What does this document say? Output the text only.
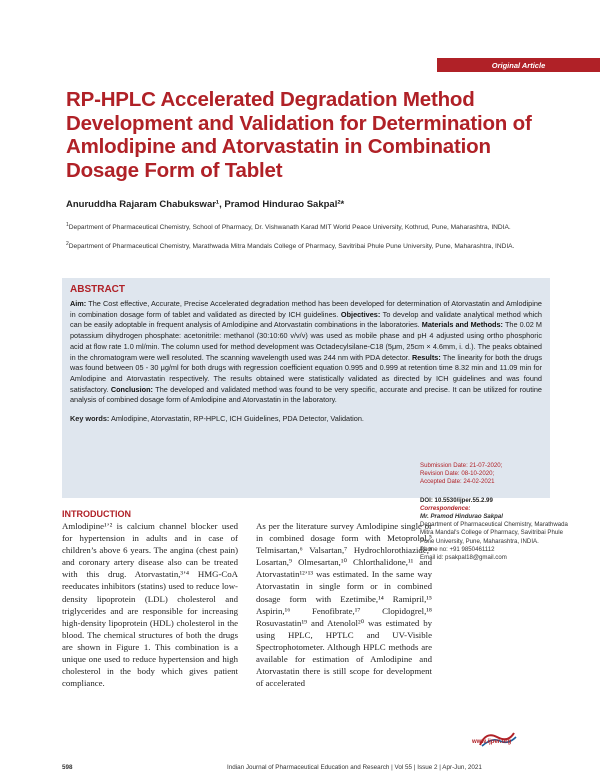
Original Article
RP-HPLC Accelerated Degradation Method Development and Validation for Determination of Amlodipine and Atorvastatin in Combination Dosage Form of Tablet
Anuruddha Rajaram Chabukswar¹, Pramod Hindurao Sakpal²*
$^1$Department of Pharmaceutical Chemistry, School of Pharmacy, Dr. Vishwanath Karad MIT World Peace University, Kothrud, Pune, Maharashtra, INDIA.
$^2$Department of Pharmaceutical Chemistry, Marathwada Mitra Mandals College of Pharmacy, Savitribai Phule Pune University, Pune, Maharashtra, INDIA.
ABSTRACT

Aim: The Cost effective, Accurate, Precise Accelerated degradation method has been developed for determination of Atorvastatin and Amlodipine in combination dosage form of tablet and validated as directed by ICH guidelines. Objectives: To develop and validate analytical method which can be easily adoptable in frequent analysis of Amlodipine and Atorvastatin combinations in the laboratories. Materials and Methods: The 0.02 M potassium dihydrogen phosphate: acetonitrile: methanol (30:10:60 v/v/v) was used as mobile phase and pH 4 adjusted using ortho phosphoric acid at flow rate 1.0 ml/min. The column used for method development was Octadecylsilane-C18 (5μm, 25cm × 4.6mm, i. d.). The peaks obtained in the chromatogram were well resoluted. The scanning wavelength used was 244 nm with PDA detector. Results: The linearity for both the drugs was found between 05 - 30 μg/ml for both drugs with regression coefficient equation 0.995 and 0.999 at retention time 8.32 min and 11.09 min for Amlodipine and Atorvastatin respectively. The results obtained were statistically validated as directed by ICH guidelines and was found satisfactory. Conclusion: The developed and validated method was found to be very specific, accurate and precise. It can be utilized for routine analysis of combined dosage form of Amlodipine and Atorvastatin in the laboratory.

Key words: Amlodipine, Atorvastatin, RP-HPLC, ICH Guidelines, PDA Detector, Validation.

Submission Date: 21-07-2020;
Revision Date: 08-10-2020;
Accepted Date: 24-02-2021
DOI: 10.5530/ijper.55.2.99
Correspondence:
Mr. Pramod Hindurao Sakpal
Department of Pharmaceutical Chemistry, Marathwada Mitra Mandal's College of Pharmacy, Savitribai Phule Pune University, Pune, Maharashtra, INDIA.
Phone no: +91 9850461112
Email id: psakpal18@gmail.com
www.ijper.org
INTRODUCTION

Amlodipine¹ʼ² is calcium channel blocker used for hypertension in adults and in case of children’s above 6 years. The angina (chest pain) and coronary artery disease also can be treated with this drug. Atorvastatin,³ʼ⁴ HMG-CoA reeducates inhibitors (statins) used to reduce low-density lipoprotein (LDL) cholesterol and triglycerides and are responsible for increasing high-density lipoprotein (HDL) cholesterol in the blood. The chemical structures of both the drugs are shown in Figure 1. This combination is a unique one used to reduce hypertension and high cholesterol in the body which gives patient compliance.

As per the literature survey Amlodipine single or in combined dosage form with Metoprolol,⁵ Telmisartan,⁶ Valsartan,⁷ Hydrochlorothiazide,⁸ Losartan,⁹ Olmesartan,¹⁰ Chlorthalidone,¹¹ and Atorvastatin¹²ʼ¹³ was estimated. In the same way Atorvastatin in single form or in combined dosage form with Ezetimibe,¹⁴ Ramipril,¹⁵ Aspirin,¹⁶ Fenofibrate,¹⁷ Clopidogrel,¹⁸ Rosuvastatin¹⁹ and Atenolol²⁰ was estimated by using HPLC, HPTLC and UV-Visible Spectrophotometer. Although HPLC methods are available for estimation of Amlodipine and Atorvastatin there is still scope for development of accelerated

598	Indian Journal of Pharmaceutical Education and Research | Vol 55 | Issue 2 | Apr-Jun, 2021
